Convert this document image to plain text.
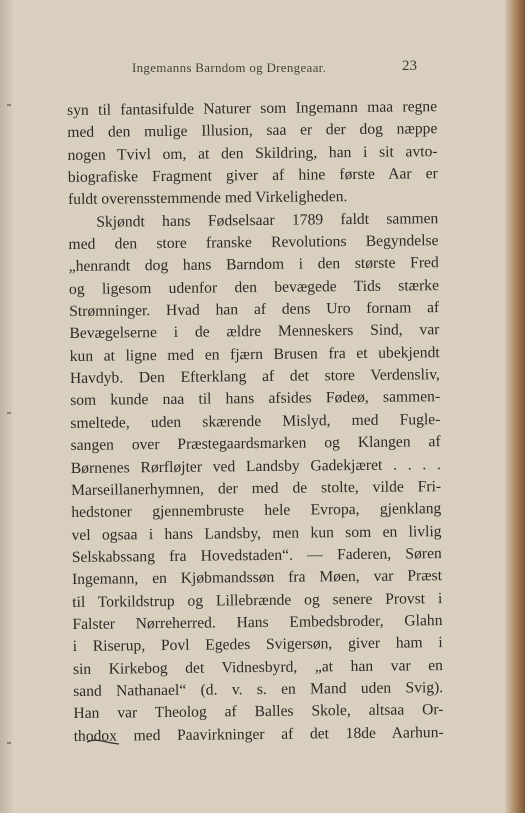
Ingemanns Barndom og Drengeaar.	23
syn til fantasifulde Naturer som Ingemann maa regne
med den mulige Illusion, saa er der dog næppe
nogen Tvivl om, at den Skildring, han i sit avto-
biografiske Fragment giver af hine første Aar er
fuldt overensstemmende med Virkeligheden.
Skjøndt hans Fødselsaar 1789 faldt sammen
med den store franske Revolutions Begyndelse
„henrandt dog hans Barndom i den største Fred
og ligesom udenfor den bevægede Tids stærke
Strømninger. Hvad han af dens Uro fornam af
Bevægelserne i de ældre Menneskers Sind, var
kun at ligne med en fjærn Brusen fra et ubekjendt
Havdyb. Den Efterklang af det store Verdensliv,
som kunde naa til hans afsides Fødeø, sammen-
smeltede, uden skærende Mislyd, med Fugle-
sangen over Præstegaardsmarken og Klangen af
Børnenes Rørfløjter ved Landsby Gadekjæret . . . .
Marseillanerhymnen, der med de stolte, vilde Fri-
hedstoner gjennembruste hele Evropa, gjenklang
vel ogsaa i hans Landsby, men kun som en livlig
Selskabssang fra Hovedstaden“. — Faderen, Søren
Ingemann, en Kjøbmandssøn fra Møen, var Præst
til Torkildstrup og Lillebrænde og senere Provst i
Falster Nørreherred. Hans Embedsbroder, Glahn
i Riserup, Povl Egedes Svigersøn, giver ham i
sin Kirkebog det Vidnesbyrd, „at han var en
sand Nathanael“ (d. v. s. en Mand uden Svig).
Han var Theolog af Balles Skole, altsaa Or-
thodox med Paavirkninger af det 18de Aarhun-
